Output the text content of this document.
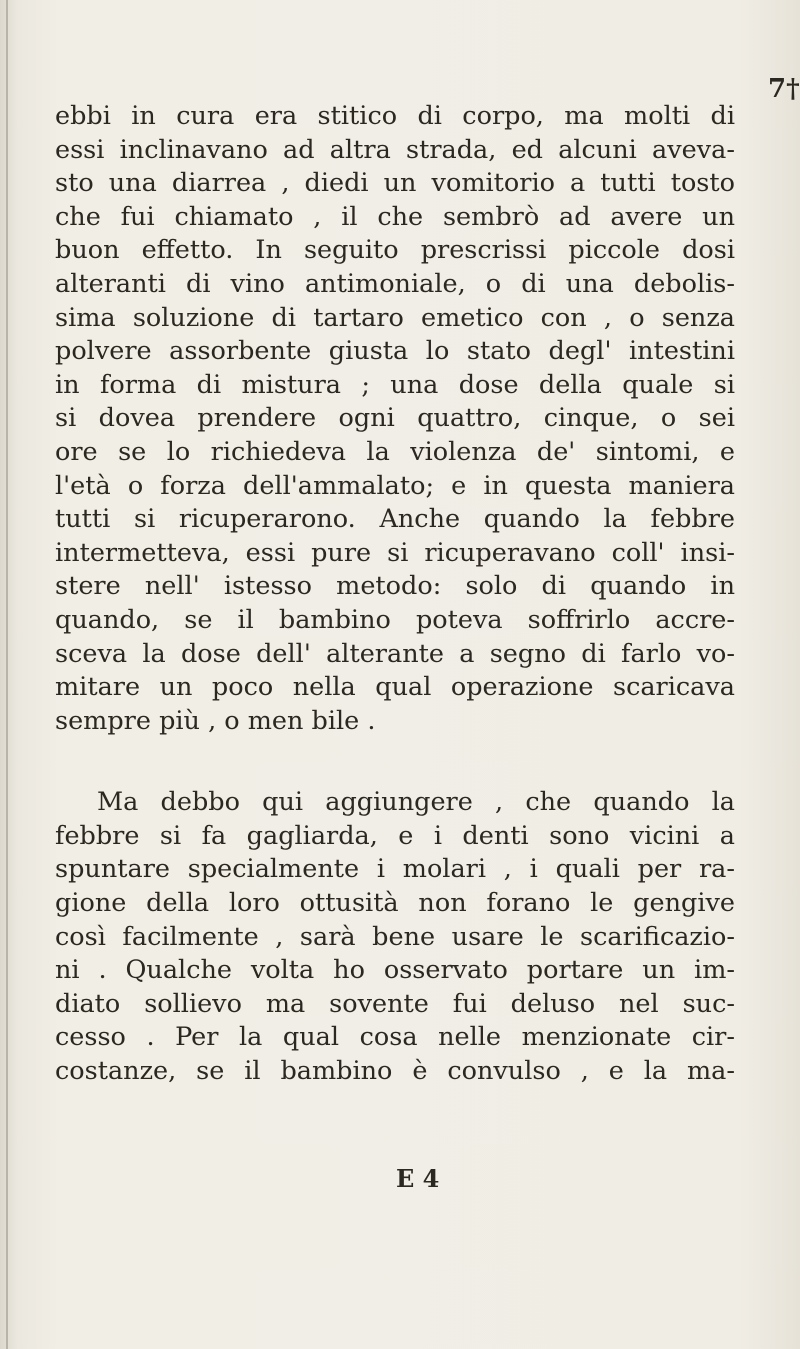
7†
ebbi in cura era stitico di corpo, ma molti di
essi inclinavano ad altra strada, ed alcuni aveva-
sto una diarrea , diedi un vomitorio a tutti tosto
che fui chiamato , il che sembrò ad avere un
buon effetto. In seguito prescrissi piccole dosi
alteranti di vino antimoniale, o di una debolis-
sima soluzione di tartaro emetico con , o senza
polvere assorbente giusta lo stato degl' intestini
in forma di mistura ; una dose della quale si
si dovea prendere ogni quattro, cinque, o sei
ore se lo richiedeva la violenza de' sintomi, e
l'età o forza dell'ammalato; e in questa maniera
tutti si ricuperarono. Anche quando la febbre
intermetteva, essi pure si ricuperavano coll' insi-
stere nell' istesso metodo: solo di quando in
quando, se il bambino poteva soffrirlo accre-
sceva la dose dell' alterante a segno di farlo vo-
mitare un poco nella qual operazione scaricava
sempre più , o men bile .
Ma debbo qui aggiungere , che quando la
febbre si fa gagliarda, e i denti sono vicini a
spuntare specialmente i molari , i quali per ra-
gione della loro ottusità non forano le gengive
così facilmente , sarà bene usare le scarificazio-
ni . Qualche volta ho osservato portare un im-
diato sollievo ma sovente fui deluso nel suc-
cesso . Per la qual cosa nelle menzionate cir-
costanze, se il bambino è convulso , e la ma-
E 4
